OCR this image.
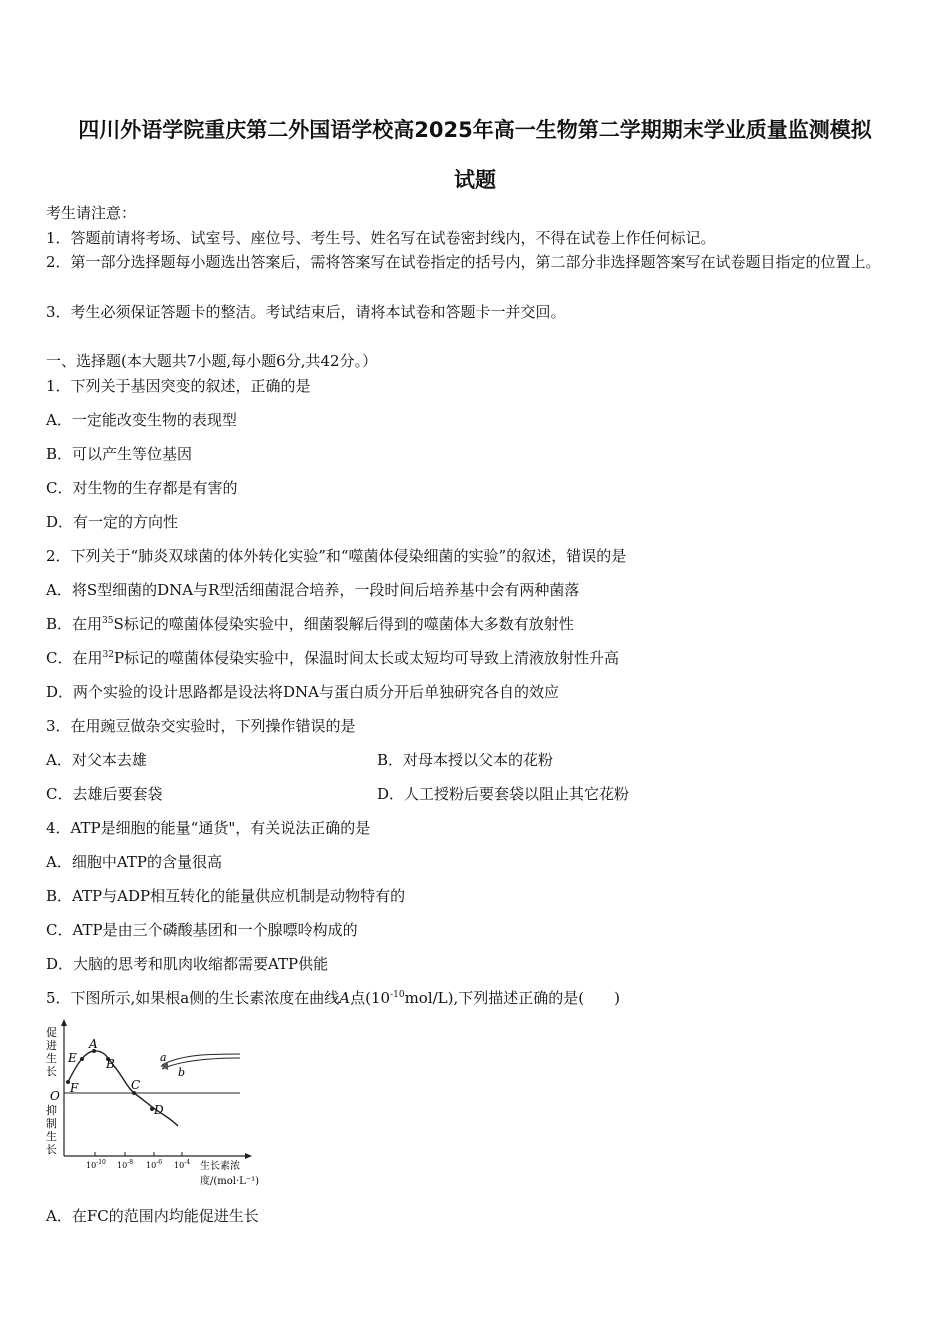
四川外语学院重庆第二外国语学校高2025年高一生物第二学期期末学业质量监测模拟
试题
考生请注意：
1．答题前请将考场、试室号、座位号、考生号、姓名写在试卷密封线内，不得在试卷上作任何标记。
2．第一部分选择题每小题选出答案后，需将答案写在试卷指定的括号内，第二部分非选择题答案写在试卷题目指定的位置上。
3．考生必须保证答题卡的整洁。考试结束后，请将本试卷和答题卡一并交回。
一、选择题(本大题共7小题,每小题6分,共42分。）
1．下列关于基因突变的叙述，正确的是
A．一定能改变生物的表现型
B．可以产生等位基因
C．对生物的生存都是有害的
D．有一定的方向性
2．下列关于“肺炎双球菌的体外转化实验”和“噬菌体侵染细菌的实验”的叙述，错误的是
A．将S型细菌的DNA与R型活细菌混合培养，一段时间后培养基中会有两种菌落
B．在用$^{35}$S标记的噬菌体侵染实验中，细菌裂解后得到的噬菌体大多数有放射性
C．在用$^{32}$P标记的噬菌体侵染实验中，保温时间太长或太短均可导致上清液放射性升高
D．两个实验的设计思路都是设法将DNA与蛋白质分开后单独研究各自的效应
3．在用豌豆做杂交实验时，下列操作错误的是
A．对父本去雄	B．对母本授以父本的花粉
C．去雄后要套袋	D．人工授粉后要套袋以阻止其它花粉
4．ATP是细胞的能量“通货"，有关说法正确的是
A．细胞中ATP的含量很高
B．ATP与ADP相互转化的能量供应机制是动物特有的
C．ATP是由三个磷酸基团和一个腺嘌呤构成的
D．大脑的思考和肌肉收缩都需要ATP供能
5．下图所示,如果根a侧的生长素浓度在曲线A点$(10^{-10}mol/L)$,下列描述正确的是(　　)
促进生长
抑制生长
O
E
A
B
F	C
D
a
b
$10^{-10}$ $10^{-8}$ $10^{-6}$ $10^{-4}$ 生长素浓
度/(mol·L⁻¹)
A．在FC的范围内均能促进生长
